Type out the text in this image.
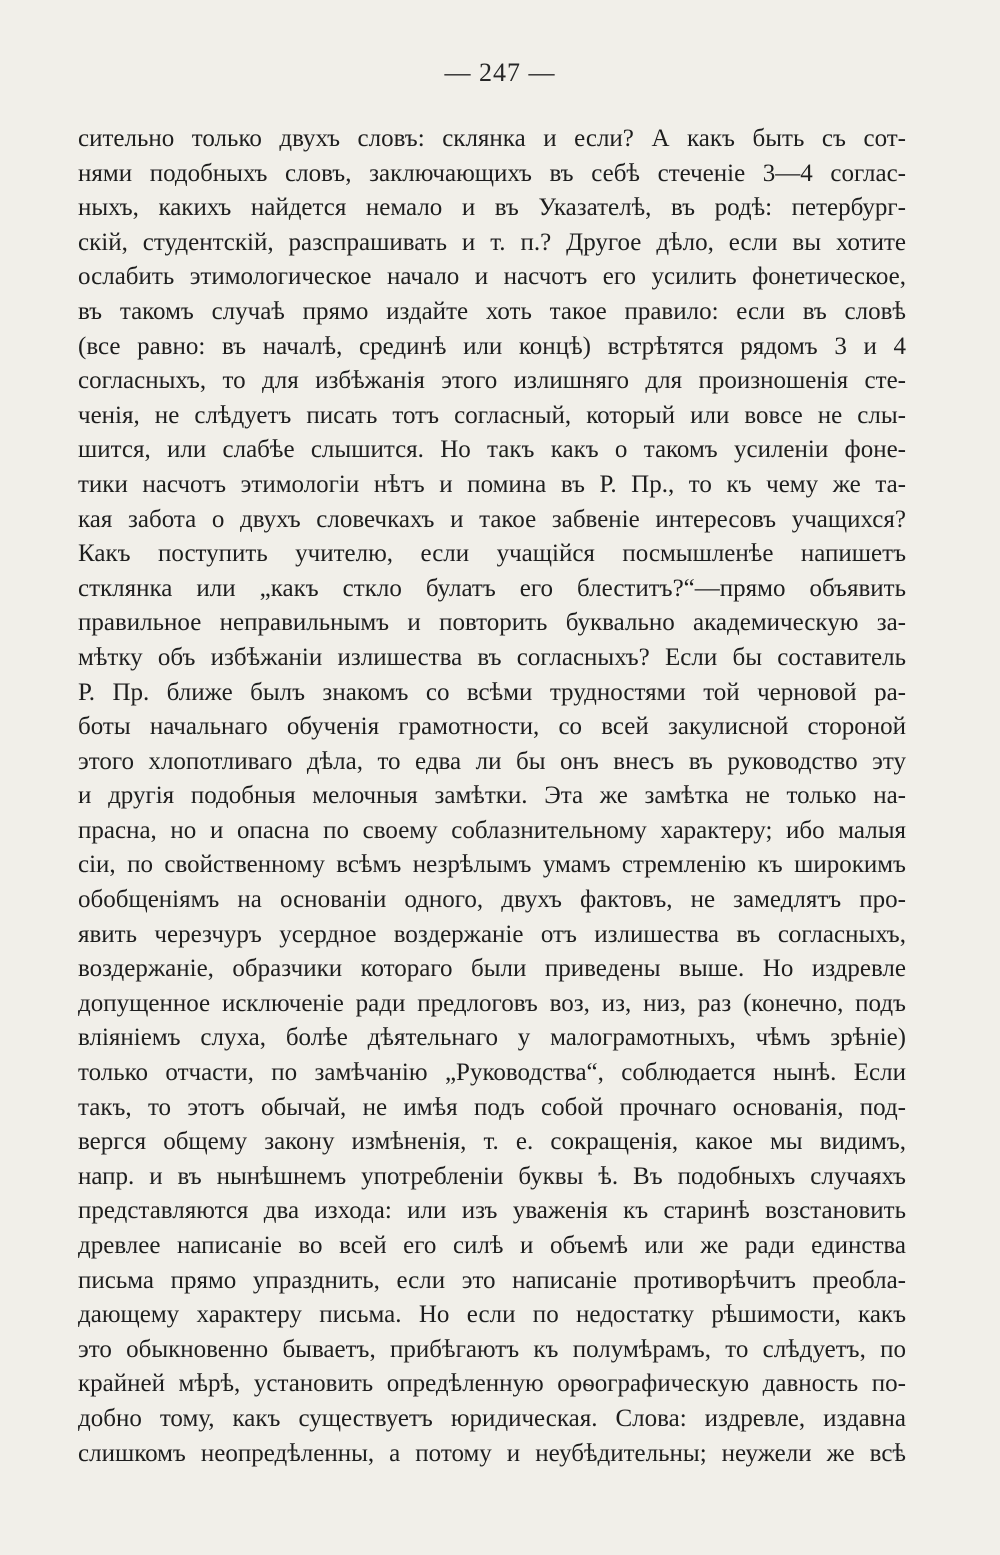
— 247 —
сительно только двухъ словъ: склянка и если? А какъ быть съ сот-
нями подобныхъ словъ, заключающихъ въ себѣ стеченіе 3—4 соглас-
ныхъ, какихъ найдется немало и въ Указателѣ, въ родѣ: петербург-
скій, студентскій, разспрашивать и т. п.? Другое дѣло, если вы хотите
ослабить этимологическое начало и насчотъ его усилить фонетическое,
въ такомъ случаѣ прямо издайте хоть такое правило: если въ словѣ
(все равно: въ началѣ, срединѣ или концѣ) встрѣтятся рядомъ 3 и 4
согласныхъ, то для избѣжанія этого излишняго для произношенія сте-
ченія, не слѣдуетъ писать тотъ согласный, который или вовсе не слы-
шится, или слабѣе слышится. Но такъ какъ о такомъ усиленіи фоне-
тики насчотъ этимологіи нѣтъ и помина въ Р. Пр., то къ чему же та-
кая забота о двухъ словечкахъ и такое забвеніе интересовъ учащихся?
Какъ поступить учителю, если учащійся посмышленѣе напишетъ
стклянка или „какъ стклo булатъ его блеститъ?“—прямо объявить
правильное неправильнымъ и повторить буквально академическую за-
мѣтку объ избѣжаніи излишества въ согласныхъ? Если бы составитель
Р. Пр. ближе былъ знакомъ со всѣми трудностями той черновой ра-
боты начальнаго обученія грамотности, со всей закулисной стороной
этого хлопотливаго дѣла, то едва ли бы онъ внесъ въ руководство эту
и другія подобныя мелочныя замѣтки. Эта же замѣтка не только на-
прасна, но и опасна по своему соблазнительному характеру; ибо малыя
сіи, по свойственному всѣмъ незрѣлымъ умамъ стремленію къ широкимъ
обобщеніямъ на основаніи одного, двухъ фактовъ, не замедлятъ про-
явить черезчуръ усердное воздержаніе отъ излишества въ согласныхъ,
воздержаніе, образчики котораго были приведены выше. Но издревле
допущенное исключеніе ради предлоговъ воз, из, низ, раз (конечно, подъ
вліяніемъ слуха, болѣе дѣятельнаго у малограмотныхъ, чѣмъ зрѣніе)
только отчасти, по замѣчанію „Руководства“, соблюдается нынѣ. Если
такъ, то этотъ обычай, не имѣя подъ собой прочнаго основанія, под-
вергся общему закону измѣненія, т. е. сокращенія, какое мы видимъ,
напр. и въ нынѣшнемъ употребленіи буквы ѣ. Въ подобныхъ случаяхъ
представляются два изхода: или изъ уваженія къ старинѣ возстановить
древлее написаніе во всей его силѣ и объемѣ или же ради единства
письма прямо упразднить, если это написаніе противорѣчитъ преобла-
дающему характеру письма. Но если по недостатку рѣшимости, какъ
это обыкновенно бываетъ, прибѣгаютъ къ полумѣрамъ, то слѣдуетъ, по
крайней мѣрѣ, установить опредѣленную орѳографическую давность по-
добно тому, какъ существуетъ юридическая. Слова: издревле, издавна
слишкомъ неопредѣленны, а потому и неубѣдительны; неужели же всѣ
